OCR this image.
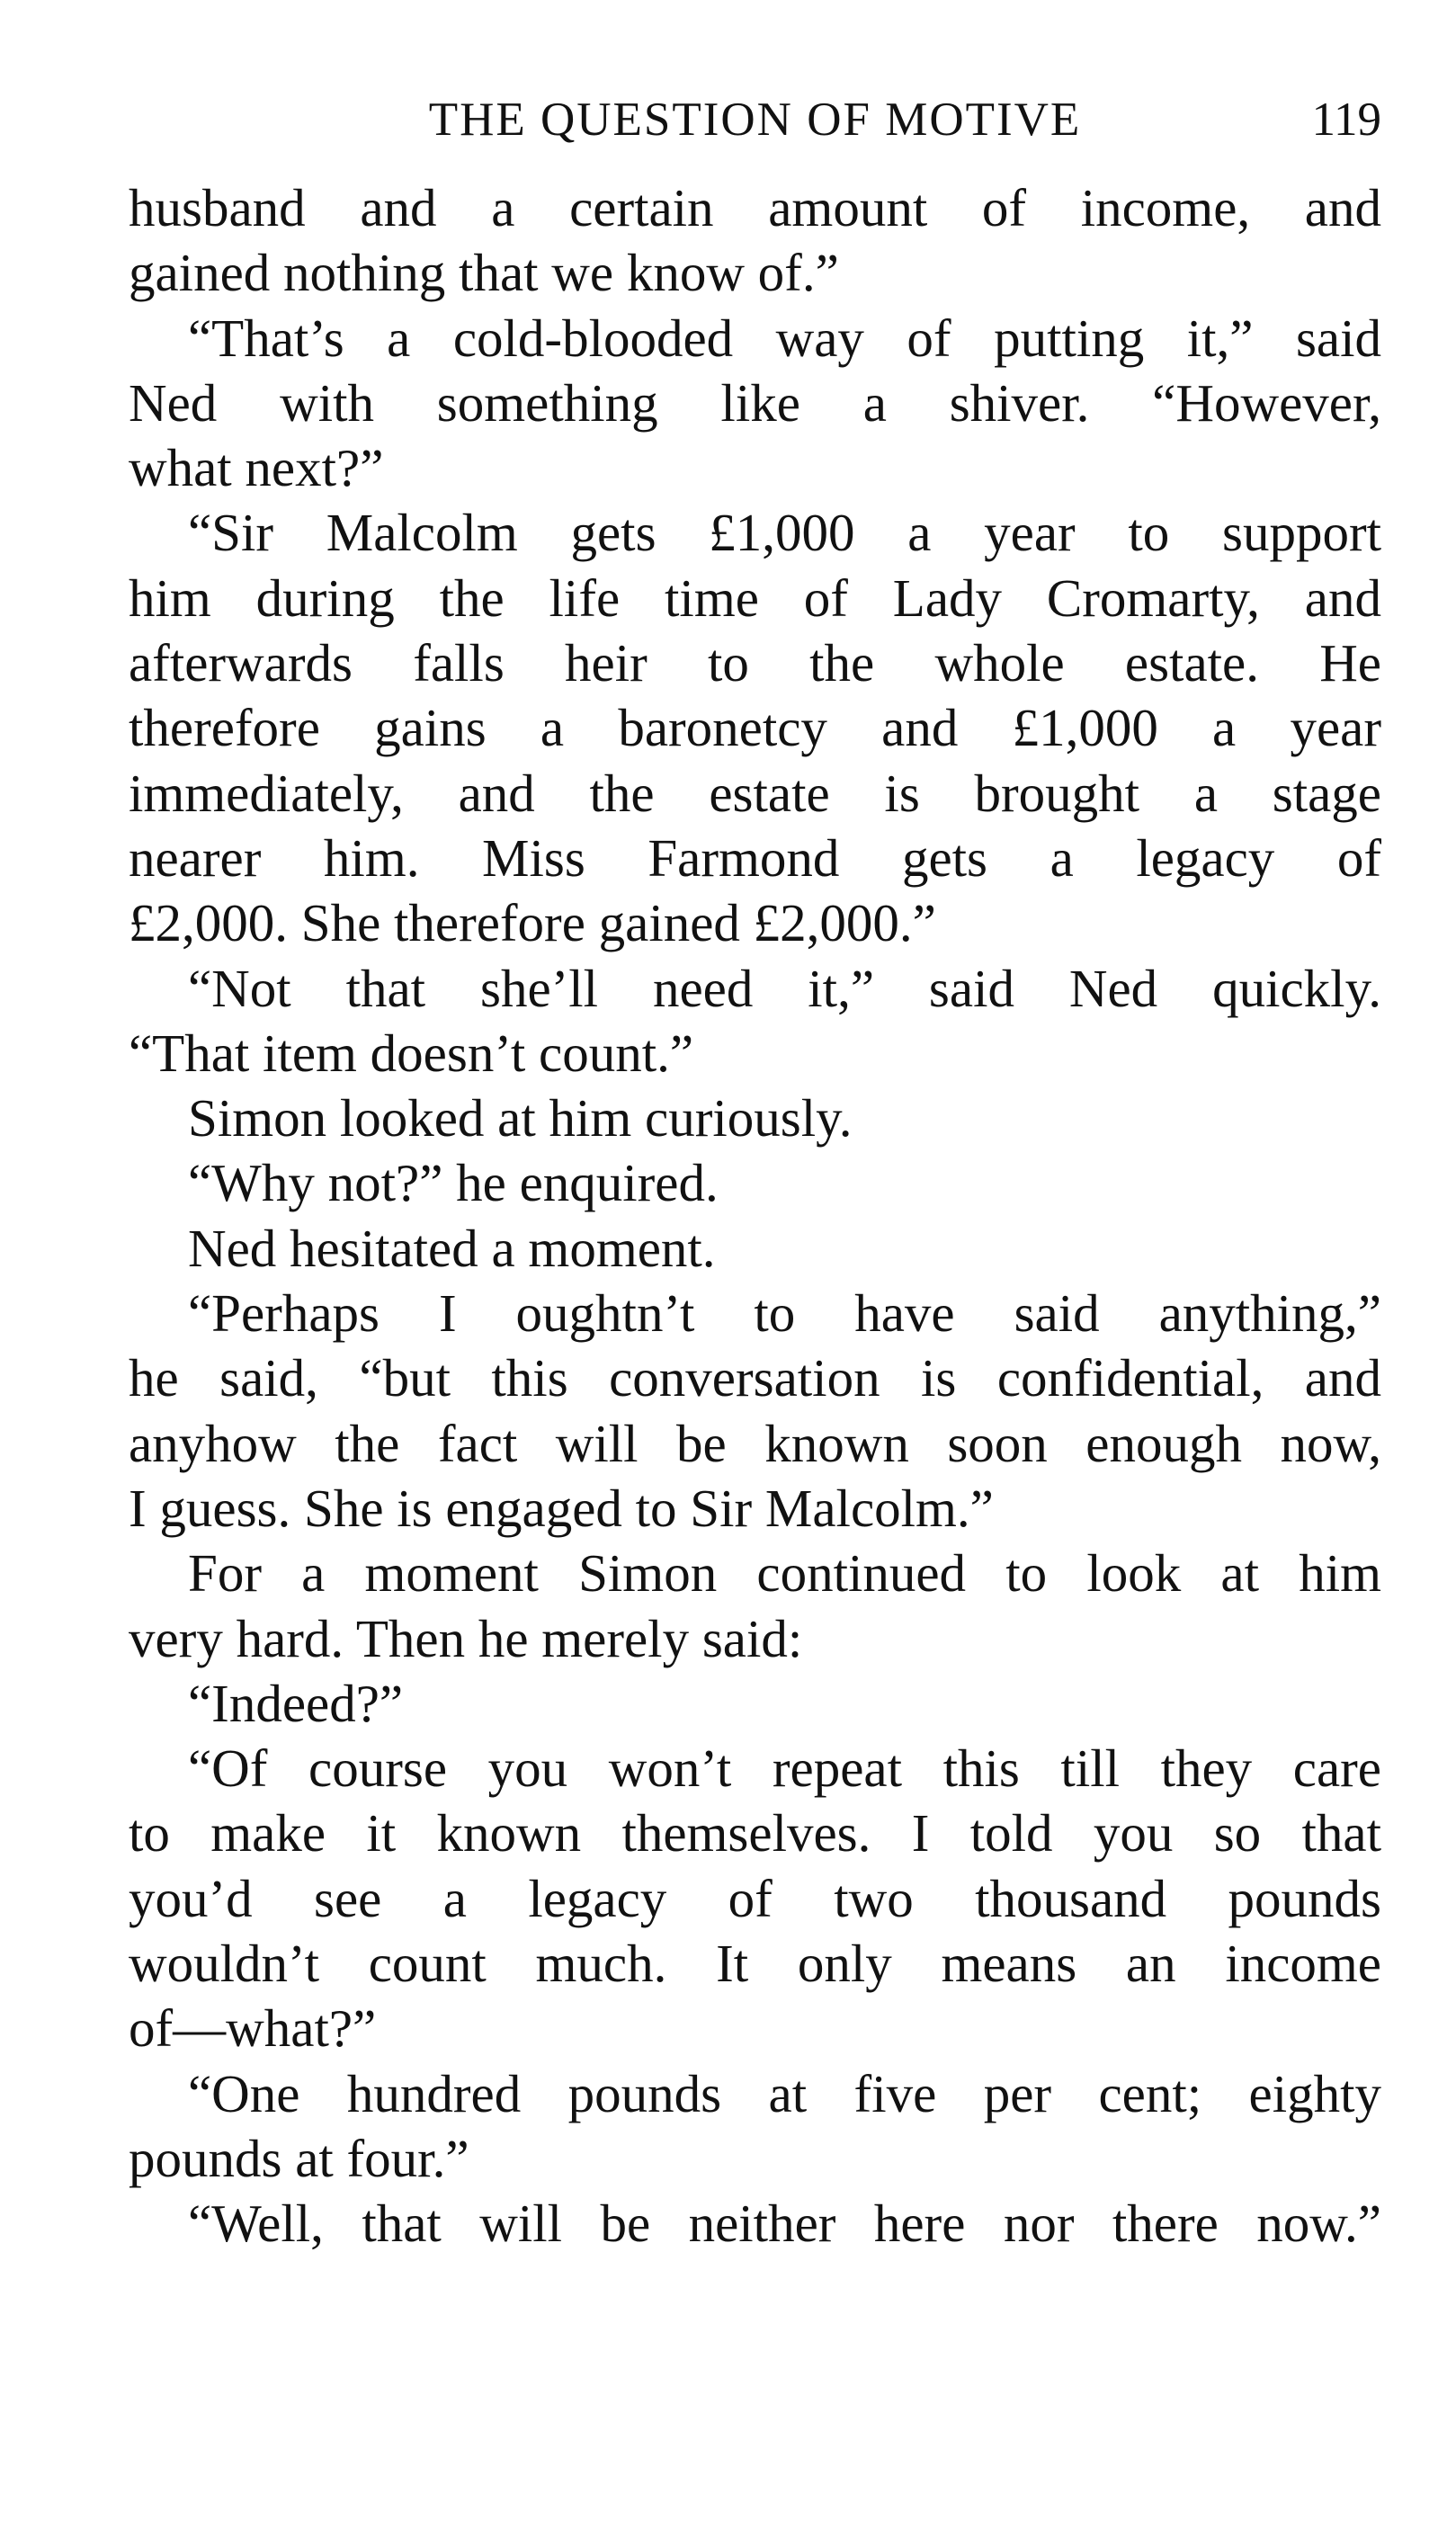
THE QUESTION OF MOTIVE	119
husband and a certain amount of income, and
gained nothing that we know of.”
“That’s a cold-blooded way of putting it,” said
Ned with something like a shiver. “However,
what next?”
“Sir Malcolm gets £1,000 a year to support
him during the life time of Lady Cromarty, and
afterwards falls heir to the whole estate. He
therefore gains a baronetcy and £1,000 a year
immediately, and the estate is brought a stage
nearer him. Miss Farmond gets a legacy of
£2,000. She therefore gained £2,000.”
“Not that she’ll need it,” said Ned quickly.
“That item doesn’t count.”
Simon looked at him curiously.
“Why not?” he enquired.
Ned hesitated a moment.
“Perhaps I oughtn’t to have said anything,”
he said, “but this conversation is confidential, and
anyhow the fact will be known soon enough now,
I guess. She is engaged to Sir Malcolm.”
For a moment Simon continued to look at him
very hard. Then he merely said:
“Indeed?”
“Of course you won’t repeat this till they care
to make it known themselves. I told you so that
you’d see a legacy of two thousand pounds
wouldn’t count much. It only means an income
of—what?”
“One hundred pounds at five per cent; eighty
pounds at four.”
“Well, that will be neither here nor there now.”
